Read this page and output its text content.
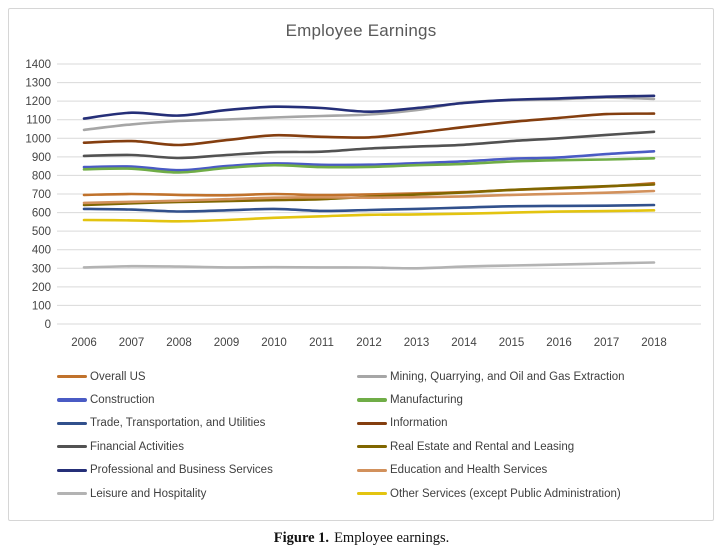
Employee Earnings
0
100
200
300
400
500
600
700
800
900
1000
1100
1200
1300
1400
2006 2007 2008 2009 2010 2011 2012 2013 2014 2015 2016 2017 2018
Overall US	Mining, Quarrying, and Oil and Gas Extraction
Construction	Manufacturing
Trade, Transportation, and Utilities	Information
Financial Activities	Real Estate and Rental and Leasing
Professional and Business Services	Education and Health Services
Leisure and Hospitality	Other Services (except Public Administration)
Figure 1. Employee earnings.
